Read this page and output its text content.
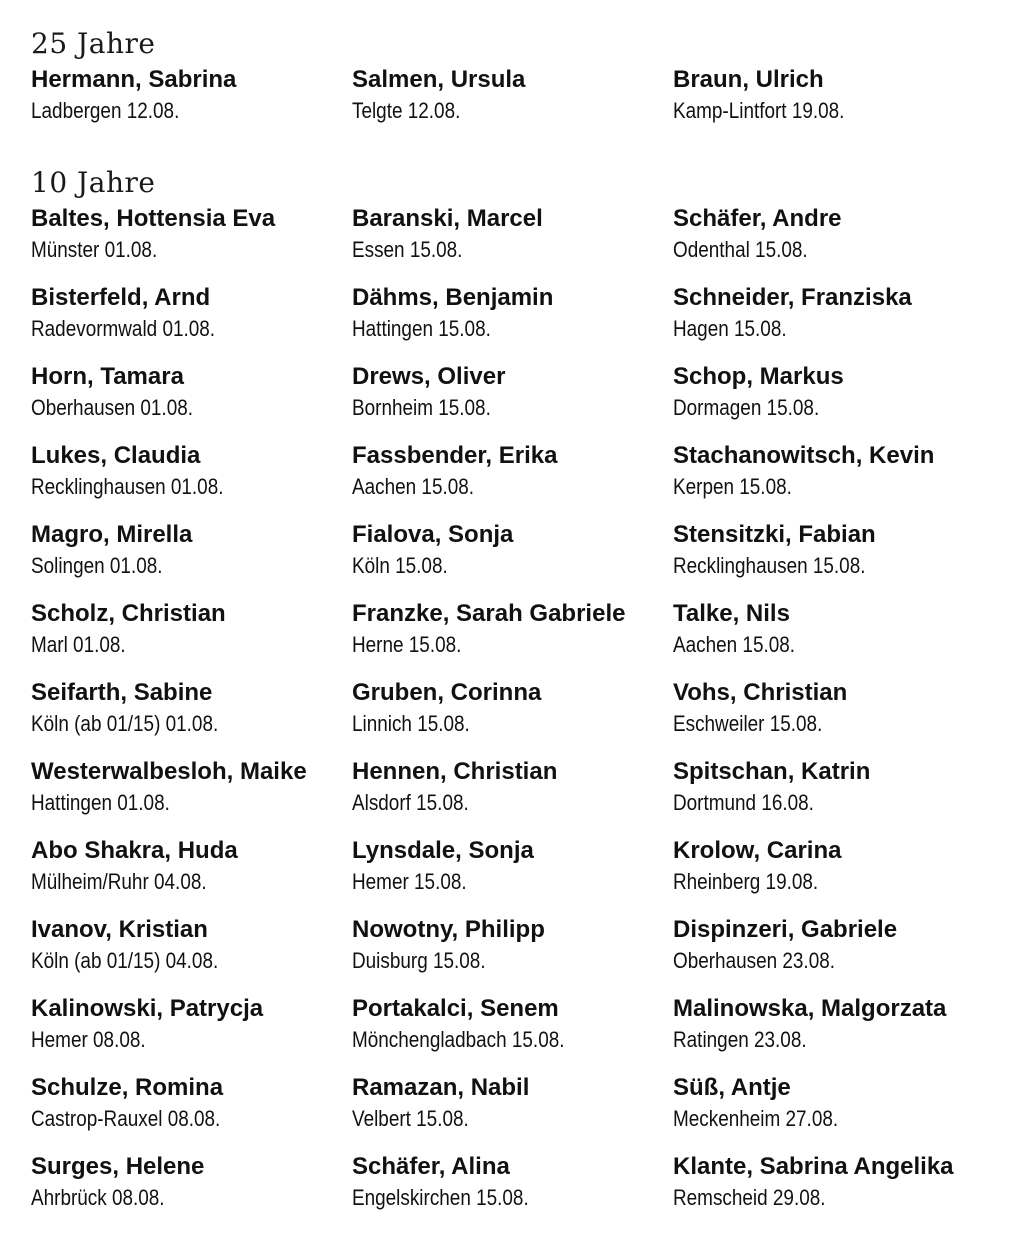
25 Jahre
Hermann, Sabrina
Ladbergen 12.08.
Salmen, Ursula
Telgte 12.08.
Braun, Ulrich
Kamp-Lintfort 19.08.
10 Jahre
Baltes, Hottensia Eva
Münster 01.08.
Baranski, Marcel
Essen 15.08.
Schäfer, Andre
Odenthal 15.08.
Bisterfeld, Arnd
Radevormwald 01.08.
Dähms, Benjamin
Hattingen 15.08.
Schneider, Franziska
Hagen 15.08.
Horn, Tamara
Oberhausen 01.08.
Drews, Oliver
Bornheim 15.08.
Schop, Markus
Dormagen 15.08.
Lukes, Claudia
Recklinghausen 01.08.
Fassbender, Erika
Aachen 15.08.
Stachanowitsch, Kevin
Kerpen 15.08.
Magro, Mirella
Solingen 01.08.
Fialova, Sonja
Köln 15.08.
Stensitzki, Fabian
Recklinghausen 15.08.
Scholz, Christian
Marl 01.08.
Franzke, Sarah Gabriele
Herne 15.08.
Talke, Nils
Aachen 15.08.
Seifarth, Sabine
Köln (ab 01/15) 01.08.
Gruben, Corinna
Linnich 15.08.
Vohs, Christian
Eschweiler 15.08.
Westerwalbesloh, Maike
Hattingen 01.08.
Hennen, Christian
Alsdorf 15.08.
Spitschan, Katrin
Dortmund 16.08.
Abo Shakra, Huda
Mülheim/Ruhr 04.08.
Lynsdale, Sonja
Hemer 15.08.
Krolow, Carina
Rheinberg 19.08.
Ivanov, Kristian
Köln (ab 01/15) 04.08.
Nowotny, Philipp
Duisburg 15.08.
Dispinzeri, Gabriele
Oberhausen 23.08.
Kalinowski, Patrycja
Hemer 08.08.
Portakalci, Senem
Mönchengladbach 15.08.
Malinowska, Malgorzata
Ratingen 23.08.
Schulze, Romina
Castrop-Rauxel 08.08.
Ramazan, Nabil
Velbert 15.08.
Süß, Antje
Meckenheim 27.08.
Surges, Helene
Ahrbrück 08.08.
Schäfer, Alina
Engelskirchen 15.08.
Klante, Sabrina Angelika
Remscheid 29.08.
